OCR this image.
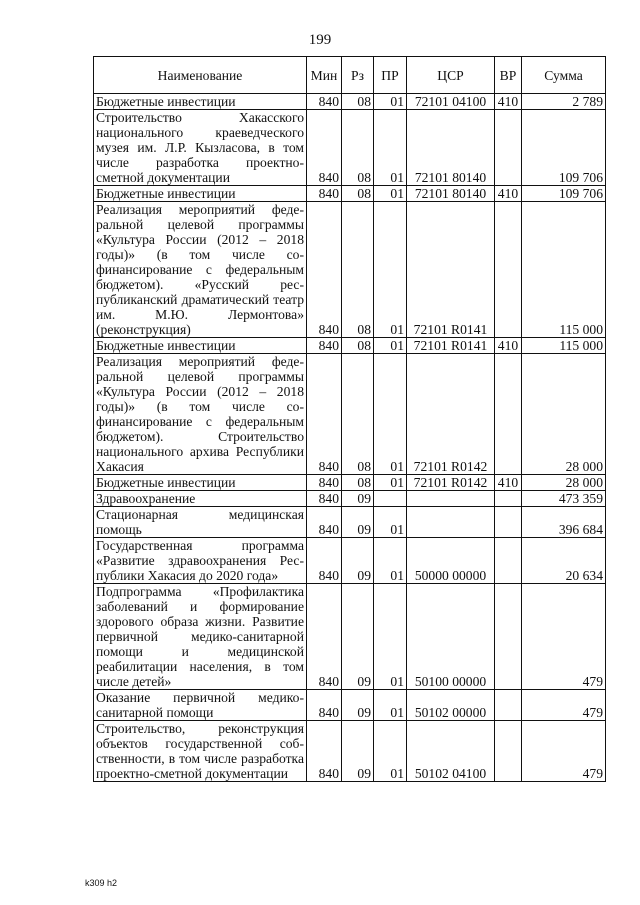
199
Наименование	Мин	Рз	ПР	ЦСР	ВР	Сумма
Бюджетные инвестиции	840	08	01	72101 04100	410	2 789
Строительство Хакасского национального краеведческого музея им. Л.Р. Кызласова, в том числе разработка проектно-сметной документации	840	08	01	72101 80140		109 706
Бюджетные инвестиции	840	08	01	72101 80140	410	109 706
Реализация мероприятий федеральной целевой программы «Культура России (2012 – 2018 годы)» (в том числе софинансирование с федеральным бюджетом). «Русский республиканский драматический театр им. М.Ю. Лермонтова» (реконструкция)	840	08	01	72101 R0141		115 000
Бюджетные инвестиции	840	08	01	72101 R0141	410	115 000
Реализация мероприятий федеральной целевой программы «Культура России (2012 – 2018 годы)» (в том числе софинансирование с федеральным бюджетом). Строительство национального архива Республики Хакасия	840	08	01	72101 R0142		28 000
Бюджетные инвестиции	840	08	01	72101 R0142	410	28 000
Здравоохранение	840	09				473 359
Стационарная медицинская помощь	840	09	01			396 684
Государственная программа «Развитие здравоохранения Республики Хакасия до 2020 года»	840	09	01	50000 00000		20 634
Подпрограмма «Профилактика заболеваний и формирование здорового образа жизни. Развитие первичной медико-санитарной помощи и медицинской реабилитации населения, в том числе детей»	840	09	01	50100 00000		479
Оказание первичной медико-санитарной помощи	840	09	01	50102 00000		479
Строительство, реконструкция объектов государственной собственности, в том числе разработка проектно-сметной документации	840	09	01	50102 04100		479
k309 h2
